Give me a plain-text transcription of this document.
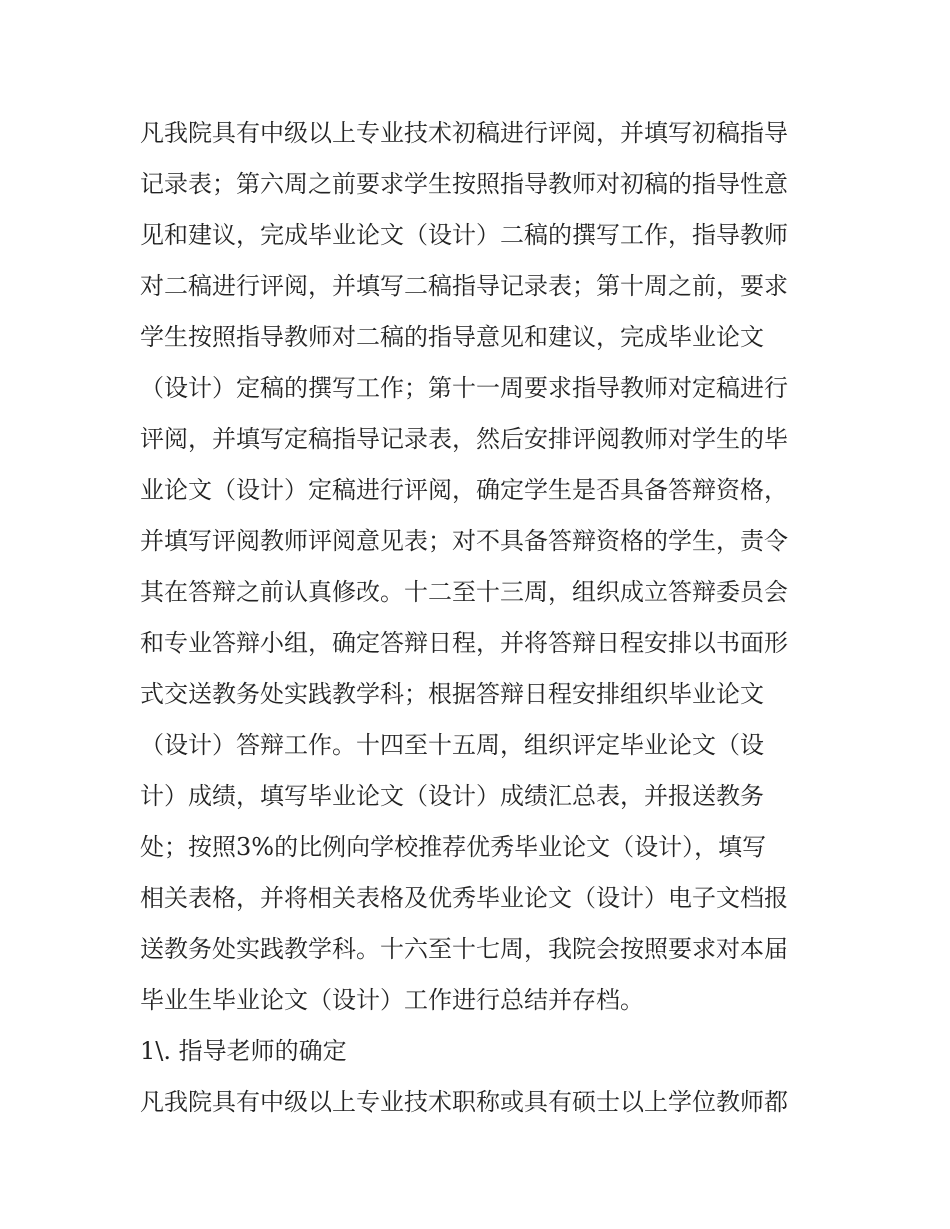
凡我院具有中级以上专业技术初稿进行评阅，并填写初稿指导
记录表；第六周之前要求学生按照指导教师对初稿的指导性意
见和建议，完成毕业论文（设计）二稿的撰写工作，指导教师
对二稿进行评阅，并填写二稿指导记录表；第十周之前，要求
学生按照指导教师对二稿的指导意见和建议，完成毕业论文
（设计）定稿的撰写工作；第十一周要求指导教师对定稿进行
评阅，并填写定稿指导记录表，然后安排评阅教师对学生的毕
业论文（设计）定稿进行评阅，确定学生是否具备答辩资格，
并填写评阅教师评阅意见表；对不具备答辩资格的学生，责令
其在答辩之前认真修改。十二至十三周，组织成立答辩委员会
和专业答辩小组，确定答辩日程，并将答辩日程安排以书面形
式交送教务处实践教学科；根据答辩日程安排组织毕业论文
（设计）答辩工作。十四至十五周，组织评定毕业论文（设
计）成绩，填写毕业论文（设计）成绩汇总表，并报送教务
处；按照3%的比例向学校推荐优秀毕业论文（设计），填写
相关表格，并将相关表格及优秀毕业论文（设计）电子文档报
送教务处实践教学科。十六至十七周，我院会按照要求对本届
毕业生毕业论文（设计）工作进行总结并存档。
1\. 指导老师的确定
凡我院具有中级以上专业技术职称或具有硕士以上学位教师都
